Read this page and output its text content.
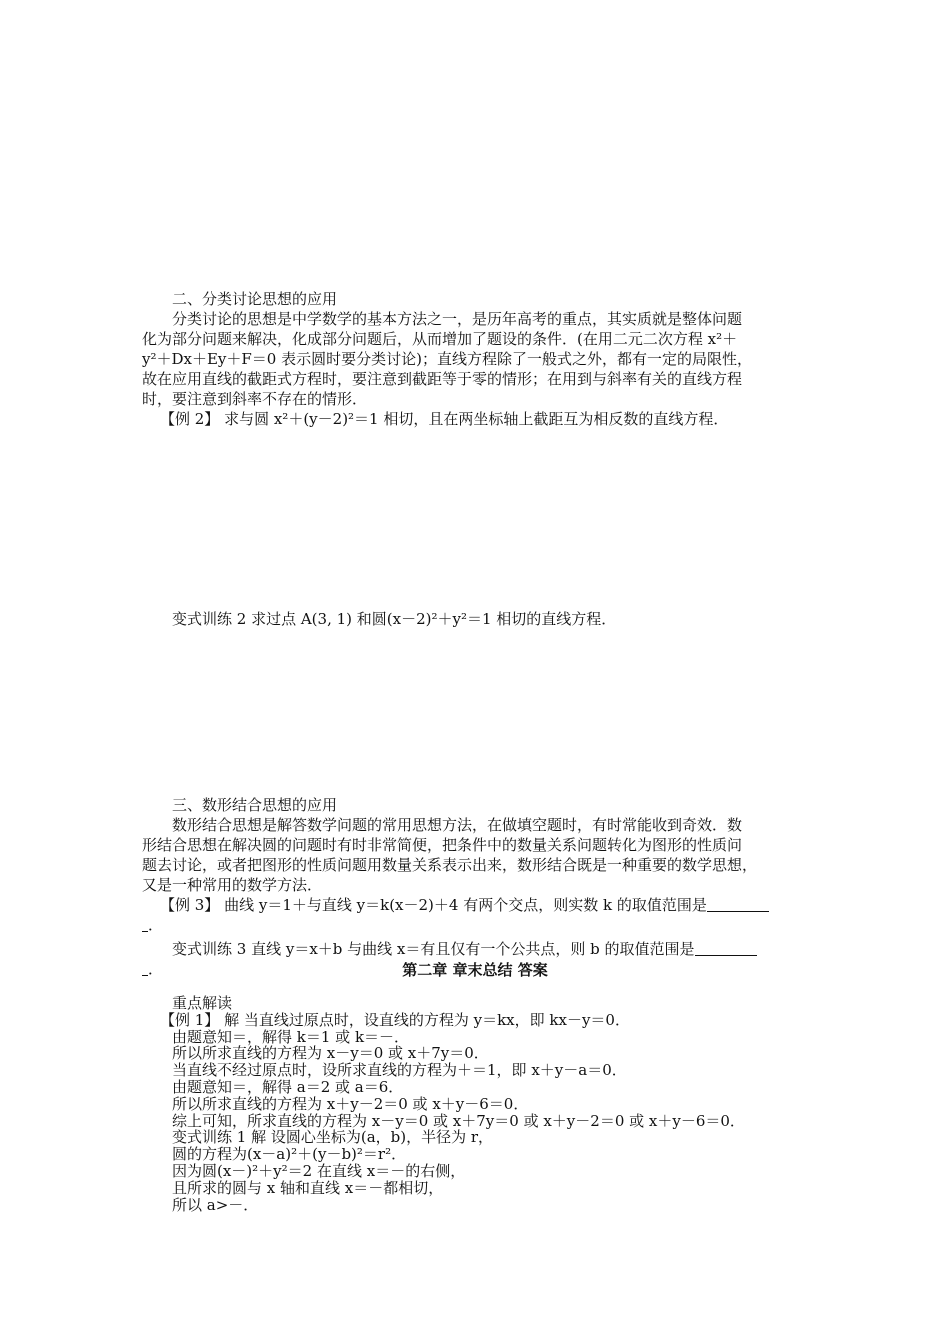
二、分类讨论思想的应用
分类讨论的思想是中学数学的基本方法之一，是历年高考的重点，其实质就是整体问题
化为部分问题来解决，化成部分问题后，从而增加了题设的条件．(在用二元二次方程 x²＋
y²＋Dx＋Ey＋F＝0 表示圆时要分类讨论)；直线方程除了一般式之外，都有一定的局限性，
故在应用直线的截距式方程时，要注意到截距等于零的情形；在用到与斜率有关的直线方程
时，要注意到斜率不存在的情形．
【例 2】 求与圆 x²＋(y－2)²＝1 相切，且在两坐标轴上截距互为相反数的直线方程．
变式训练 2 求过点 A(3, 1) 和圆(x－2)²＋y²＝1 相切的直线方程．
三、数形结合思想的应用
数形结合思想是解答数学问题的常用思想方法，在做填空题时，有时常能收到奇效．数
形结合思想在解决圆的问题时有时非常简便，把条件中的数量关系问题转化为图形的性质问
题去讨论，或者把图形的性质问题用数量关系表示出来，数形结合既是一种重要的数学思想，
又是一种常用的数学方法．
【例 3】 曲线 y＝1＋与直线 y＝k(x－2)＋4 有两个交点，则实数 k 的取值范围是
．
变式训练 3 直线 y＝x＋b 与曲线 x＝有且仅有一个公共点，则 b 的取值范围是
．	第二章 章末总结 答案
重点解读
【例 1】 解 当直线过原点时，设直线的方程为 y＝kx，即 kx－y＝0．
由题意知＝，解得 k＝1 或 k＝－．
所以所求直线的方程为 x－y＝0 或 x＋7y＝0．
当直线不经过原点时，设所求直线的方程为＋＝1，即 x＋y－a＝0．
由题意知＝，解得 a＝2 或 a＝6．
所以所求直线的方程为 x＋y－2＝0 或 x＋y－6＝0．
综上可知，所求直线的方程为 x－y＝0 或 x＋7y＝0 或 x＋y－2＝0 或 x＋y－6＝0．
变式训练 1 解 设圆心坐标为(a，b)，半径为 r，
圆的方程为(x－a)²＋(y－b)²＝r²．
因为圆(x－)²＋y²＝2 在直线 x＝－的右侧，
且所求的圆与 x 轴和直线 x＝－都相切，
所以 a>－．
